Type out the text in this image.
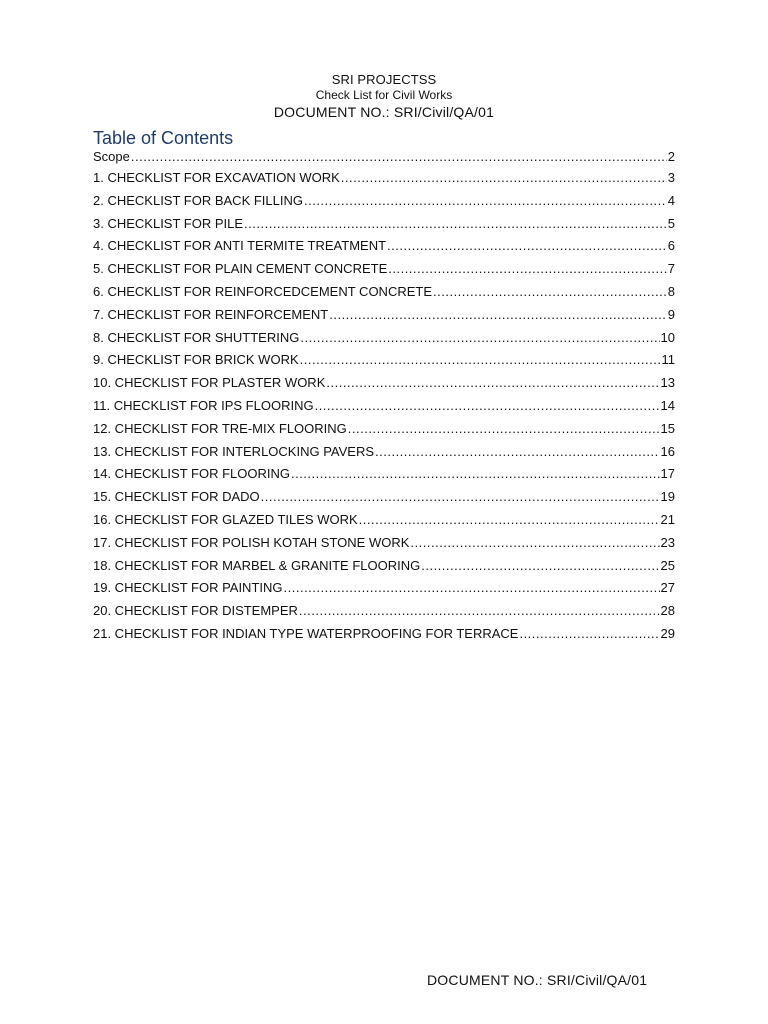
SRI PROJECTSS
Check List for Civil Works
DOCUMENT NO.: SRI/Civil/QA/01
Table of Contents
Scope .....	2
1. CHECKLIST FOR EXCAVATION WORK .....	3
2. CHECKLIST FOR BACK FILLING .....	4
3. CHECKLIST FOR PILE .....	5
4. CHECKLIST FOR ANTI TERMITE TREATMENT .....	6
5. CHECKLIST FOR PLAIN CEMENT CONCRETE .....	7
6. CHECKLIST FOR REINFORCEDCEMENT CONCRETE .....	8
7. CHECKLIST FOR REINFORCEMENT .....	9
8. CHECKLIST FOR SHUTTERING .....	10
9. CHECKLIST FOR BRICK WORK .....	11
10. CHECKLIST FOR PLASTER WORK .....	13
11. CHECKLIST FOR IPS FLOORING .....	14
12. CHECKLIST FOR TRE-MIX FLOORING .....	15
13. CHECKLIST FOR INTERLOCKING PAVERS .....	16
14. CHECKLIST FOR FLOORING .....	17
15. CHECKLIST FOR DADO .....	19
16. CHECKLIST FOR GLAZED TILES WORK .....	21
17. CHECKLIST FOR POLISH KOTAH STONE WORK .....	23
18. CHECKLIST FOR MARBEL & GRANITE FLOORING .....	25
19. CHECKLIST FOR PAINTING .....	27
20. CHECKLIST FOR DISTEMPER .....	28
21. CHECKLIST FOR INDIAN TYPE WATERPROOFING FOR TERRACE .....	29
DOCUMENT NO.: SRI/Civil/QA/01
